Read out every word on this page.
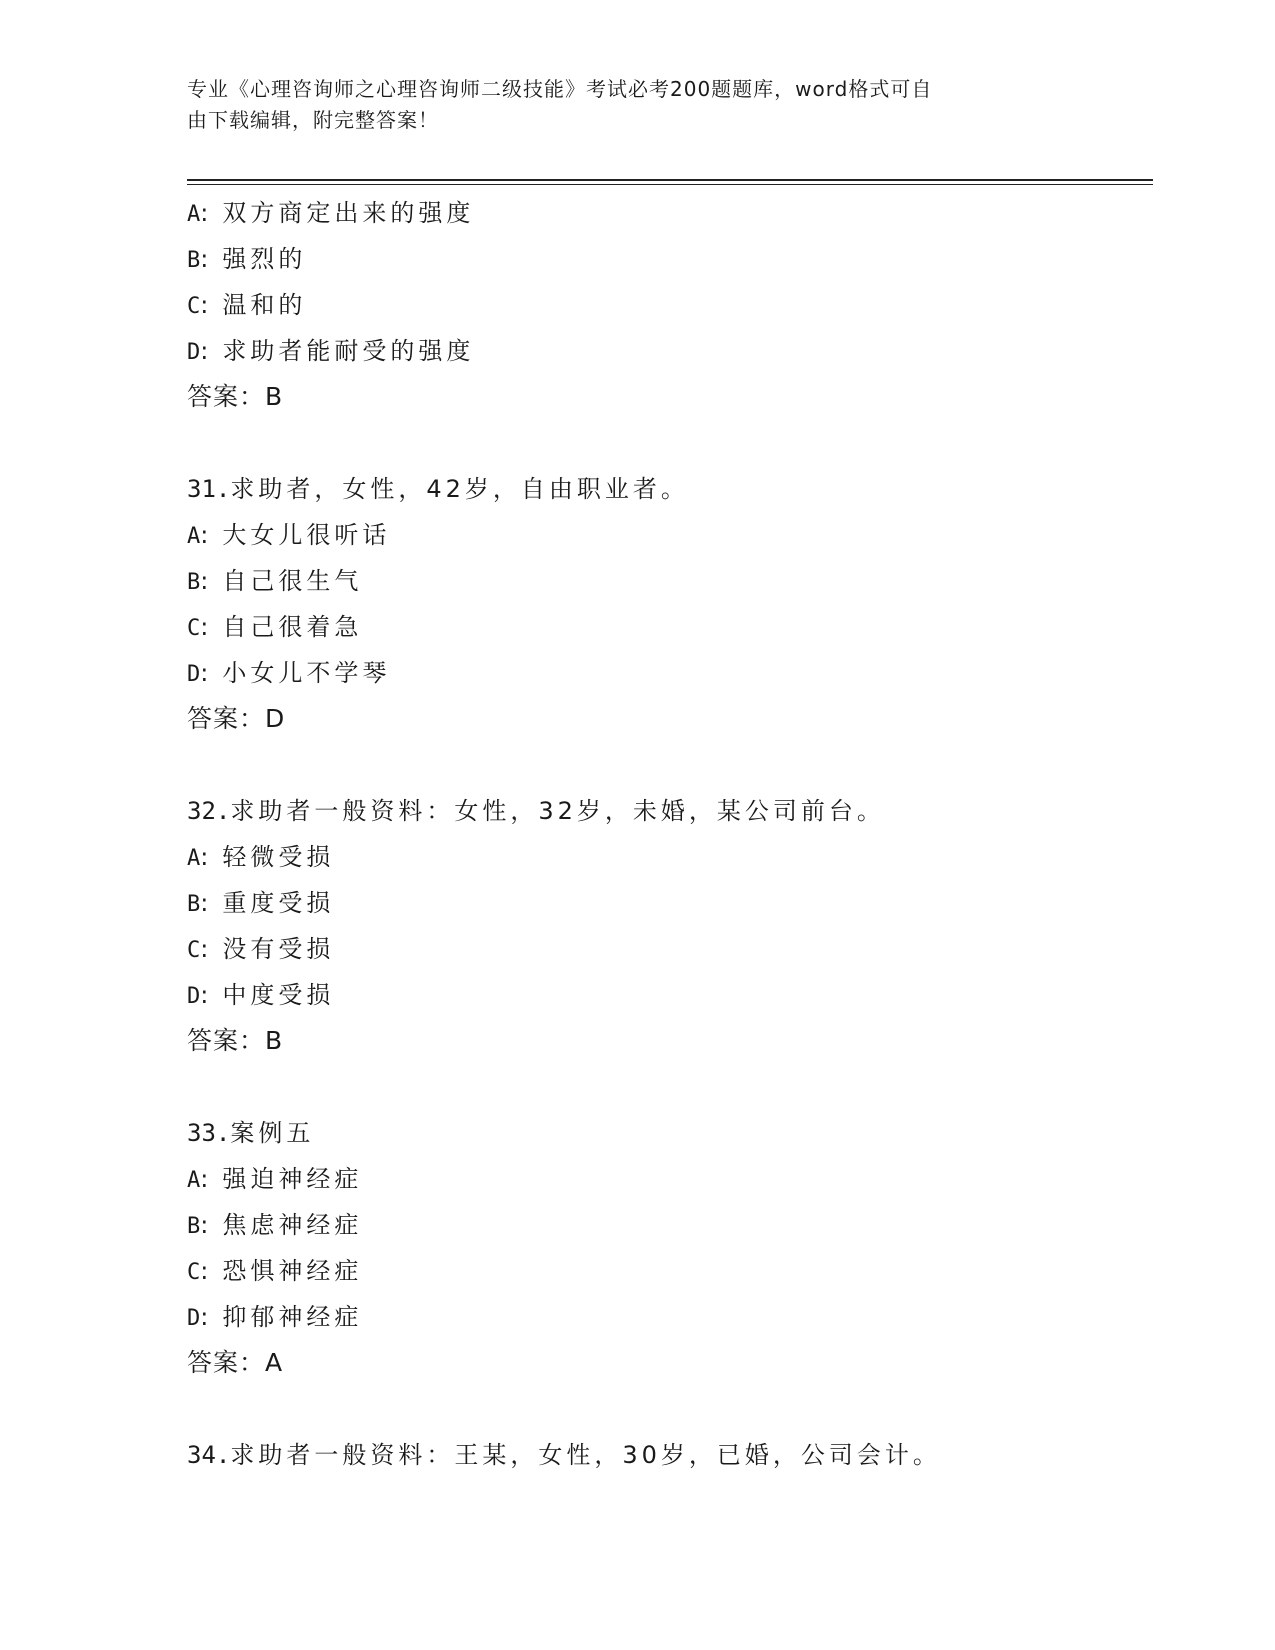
专业《心理咨询师之心理咨询师二级技能》考试必考200题题库，word格式可自
由下载编辑，附完整答案！
A: 双方商定出来的强度
B: 强烈的
C: 温和的
D: 求助者能耐受的强度
答案：B
31.求助者，女性，42岁，自由职业者。
A: 大女儿很听话
B: 自己很生气
C: 自己很着急
D: 小女儿不学琴
答案：D
32.求助者一般资料：女性，32岁，未婚，某公司前台。
A: 轻微受损
B: 重度受损
C: 没有受损
D: 中度受损
答案：B
33.案例五
A: 强迫神经症
B: 焦虑神经症
C: 恐惧神经症
D: 抑郁神经症
答案：A
34.求助者一般资料：王某，女性，30岁，已婚，公司会计。
